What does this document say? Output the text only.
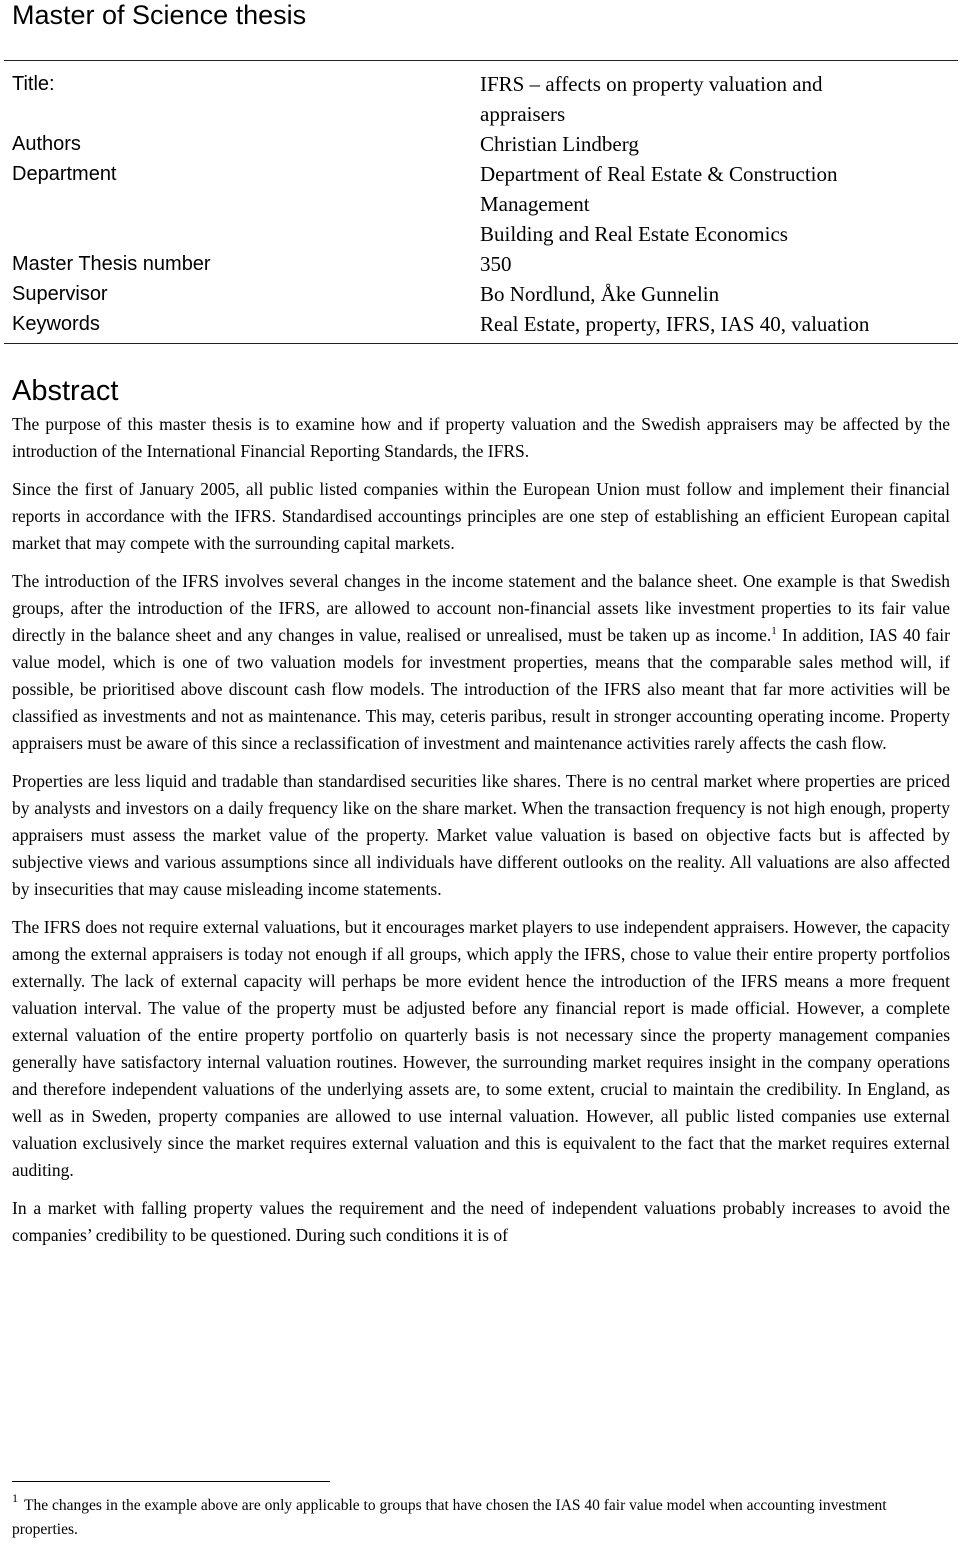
Master of Science thesis
Title:	IFRS – affects on property valuation and
appraisers
Authors	Christian Lindberg
Department	Department of Real Estate & Construction
Management
Building and Real Estate Economics
Master Thesis number	350
Supervisor	Bo Nordlund, Åke Gunnelin
Keywords	Real Estate, property, IFRS, IAS 40, valuation
Abstract

The purpose of this master thesis is to examine how and if property valuation and the Swedish appraisers may be affected by the introduction of the International Financial Reporting Standards, the IFRS.

Since the first of January 2005, all public listed companies within the European Union must follow and implement their financial reports in accordance with the IFRS. Standardised accountings principles are one step of establishing an efficient European capital market that may compete with the surrounding capital markets.

The introduction of the IFRS involves several changes in the income statement and the balance sheet. One example is that Swedish groups, after the introduction of the IFRS, are allowed to account non-financial assets like investment properties to its fair value directly in the balance sheet and any changes in value, realised or unrealised, must be taken up as income.$^1$ In addition, IAS 40 fair value model, which is one of two valuation models for investment properties, means that the comparable sales method will, if possible, be prioritised above discount cash flow models. The introduction of the IFRS also meant that far more activities will be classified as investments and not as maintenance. This may, ceteris paribus, result in stronger accounting operating income. Property appraisers must be aware of this since a reclassification of investment and maintenance activities rarely affects the cash flow.

Properties are less liquid and tradable than standardised securities like shares. There is no central market where properties are priced by analysts and investors on a daily frequency like on the share market. When the transaction frequency is not high enough, property appraisers must assess the market value of the property. Market value valuation is based on objective facts but is affected by subjective views and various assumptions since all individuals have different outlooks on the reality. All valuations are also affected by insecurities that may cause misleading income statements.

The IFRS does not require external valuations, but it encourages market players to use independent appraisers. However, the capacity among the external appraisers is today not enough if all groups, which apply the IFRS, chose to value their entire property portfolios externally. The lack of external capacity will perhaps be more evident hence the introduction of the IFRS means a more frequent valuation interval. The value of the property must be adjusted before any financial report is made official. However, a complete external valuation of the entire property portfolio on quarterly basis is not necessary since the property management companies generally have satisfactory internal valuation routines. However, the surrounding market requires insight in the company operations and therefore independent valuations of the underlying assets are, to some extent, crucial to maintain the credibility. In England, as well as in Sweden, property companies are allowed to use internal valuation. However, all public listed companies use external valuation exclusively since the market requires external valuation and this is equivalent to the fact that the market requires external auditing.

In a market with falling property values the requirement and the need of independent valuations probably increases to avoid the companies’ credibility to be questioned. During such conditions it is of

$^1$ The changes in the example above are only applicable to groups that have chosen the IAS 40 fair value model when accounting investment properties.
